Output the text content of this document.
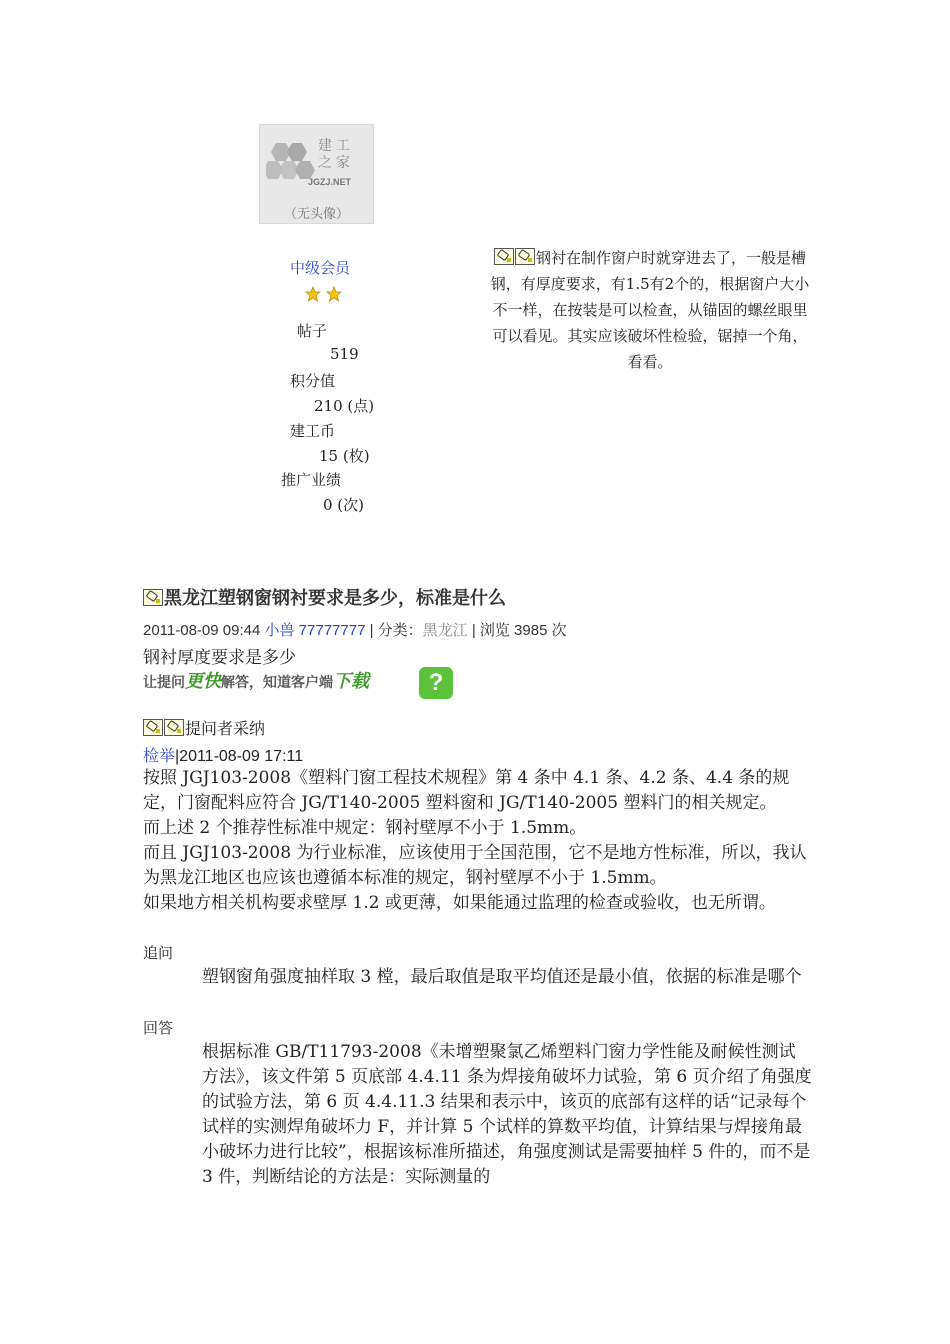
建工
之家
JGZJ.NET
（无头像）
中级会员

帖子
519
积分值
210 (点)
建工币
15 (枚)
推广业绩
0 (次)
钢衬在制作窗户时就穿进去了，一般是槽钢，有厚度要求，有1.5有2个的，根据窗户大小不一样，在按装是可以检查，从锚固的螺丝眼里可以看见。其实应该破坏性检验，锯掉一个角，看看。
黑龙江塑钢窗钢衬要求是多少，标准是什么
2011-08-09 09:44 小兽 77777777 | 分类：黑龙江 | 浏览 3985 次
钢衬厚度要求是多少
让提问更快解答，知道客户端下载	?
提问者采纳
检举|2011-08-09 17:11

按照 JGJ103-2008《塑料门窗工程技术规程》第 4 条中 4.1 条、4.2 条、4.4 条的规定，门窗配料应符合 JG/T140-2005 塑料窗和 JG/T140-2005 塑料门的相关规定。

而上述 2 个推荐性标准中规定：钢衬壁厚不小于 1.5mm。

而且 JGJ103-2008 为行业标准，应该使用于全国范围，它不是地方性标准，所以，我认为黑龙江地区也应该也遵循本标准的规定，钢衬壁厚不小于 1.5mm。

如果地方相关机构要求壁厚 1.2 或更薄，如果能通过监理的检查或验收，也无所谓。

追问
塑钢窗角强度抽样取 3 樘，最后取值是取平均值还是最小值，依据的标准是哪个
回答
根据标准 GB/T11793-2008《未增塑聚氯乙烯塑料门窗力学性能及耐候性测试方法》，该文件第 5 页底部 4.4.11 条为焊接角破坏力试验，第 6 页介绍了角强度的试验方法，第 6 页 4.4.11.3 结果和表示中，该页的底部有这样的话“记录每个试样的实测焊角破坏力 F，并计算 5 个试样的算数平均值，计算结果与焊接角最小破坏力进行比较”，根据该标准所描述，角强度测试是需要抽样 5 件的，而不是 3 件，判断结论的方法是：实际测量的
